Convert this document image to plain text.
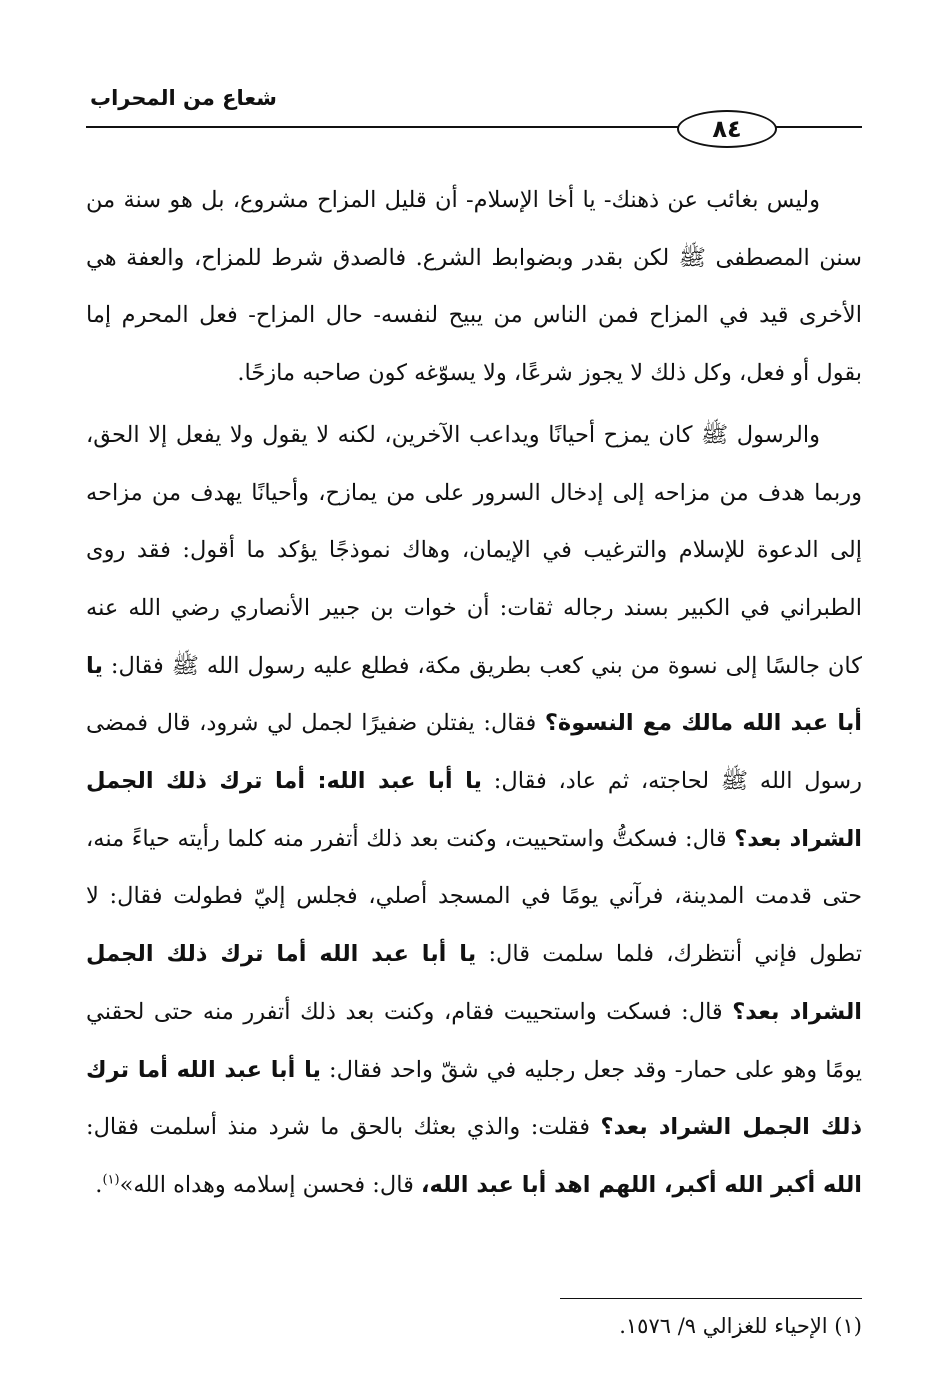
شعاع من المحراب
٨٤

وليس بغائب عن ذهنك- يا أخا الإسلام- أن قليل المزاح مشروع، بل هو سنة من سنن المصطفى ﷺ لكن بقدر وبضوابط الشرع. فالصدق شرط للمزاح، والعفة هي الأخرى قيد في المزاح فمن الناس من يبيح لنفسه- حال المزاح- فعل المحرم إما بقول أو فعل، وكل ذلك لا يجوز شرعًا، ولا يسوّغه كون صاحبه مازحًا.

والرسول ﷺ كان يمزح أحيانًا ويداعب الآخرين، لكنه لا يقول ولا يفعل إلا الحق، وربما هدف من مزاحه إلى إدخال السرور على من يمازح، وأحيانًا يهدف من مزاحه إلى الدعوة للإسلام والترغيب في الإيمان، وهاك نموذجًا يؤكد ما أقول: فقد روى الطبراني في الكبير بسند رجاله ثقات: أن خوات بن جبير الأنصاري رضي الله عنه كان جالسًا إلى نسوة من بني كعب بطريق مكة، فطلع عليه رسول الله ﷺ فقال: يا أبا عبد الله مالك مع النسوة؟ فقال: يفتلن ضفيرًا لجمل لي شرود، قال فمضى رسول الله ﷺ لحاجته، ثم عاد، فقال: يا أبا عبد الله: أما ترك ذلك الجمل الشراد بعد؟ قال: فسكتُّ واستحييت، وكنت بعد ذلك أتفرر منه كلما رأيته حياءً منه، حتى قدمت المدينة، فرآني يومًا في المسجد أصلي، فجلس إليّ فطولت فقال: لا تطول فإني أنتظرك، فلما سلمت قال: يا أبا عبد الله أما ترك ذلك الجمل الشراد بعد؟ قال: فسكت واستحييت فقام، وكنت بعد ذلك أتفرر منه حتى لحقني يومًا وهو على حمار- وقد جعل رجليه في شقّ واحد فقال: يا أبا عبد الله أما ترك ذلك الجمل الشراد بعد؟ فقلت: والذي بعثك بالحق ما شرد منذ أسلمت فقال: الله أكبر الله أكبر، اللهم اهد أبا عبد الله، قال: فحسن إسلامه وهداه الله»$^{(١)}$.

(١) الإحياء للغزالي ٩/ ١٥٧٦.
